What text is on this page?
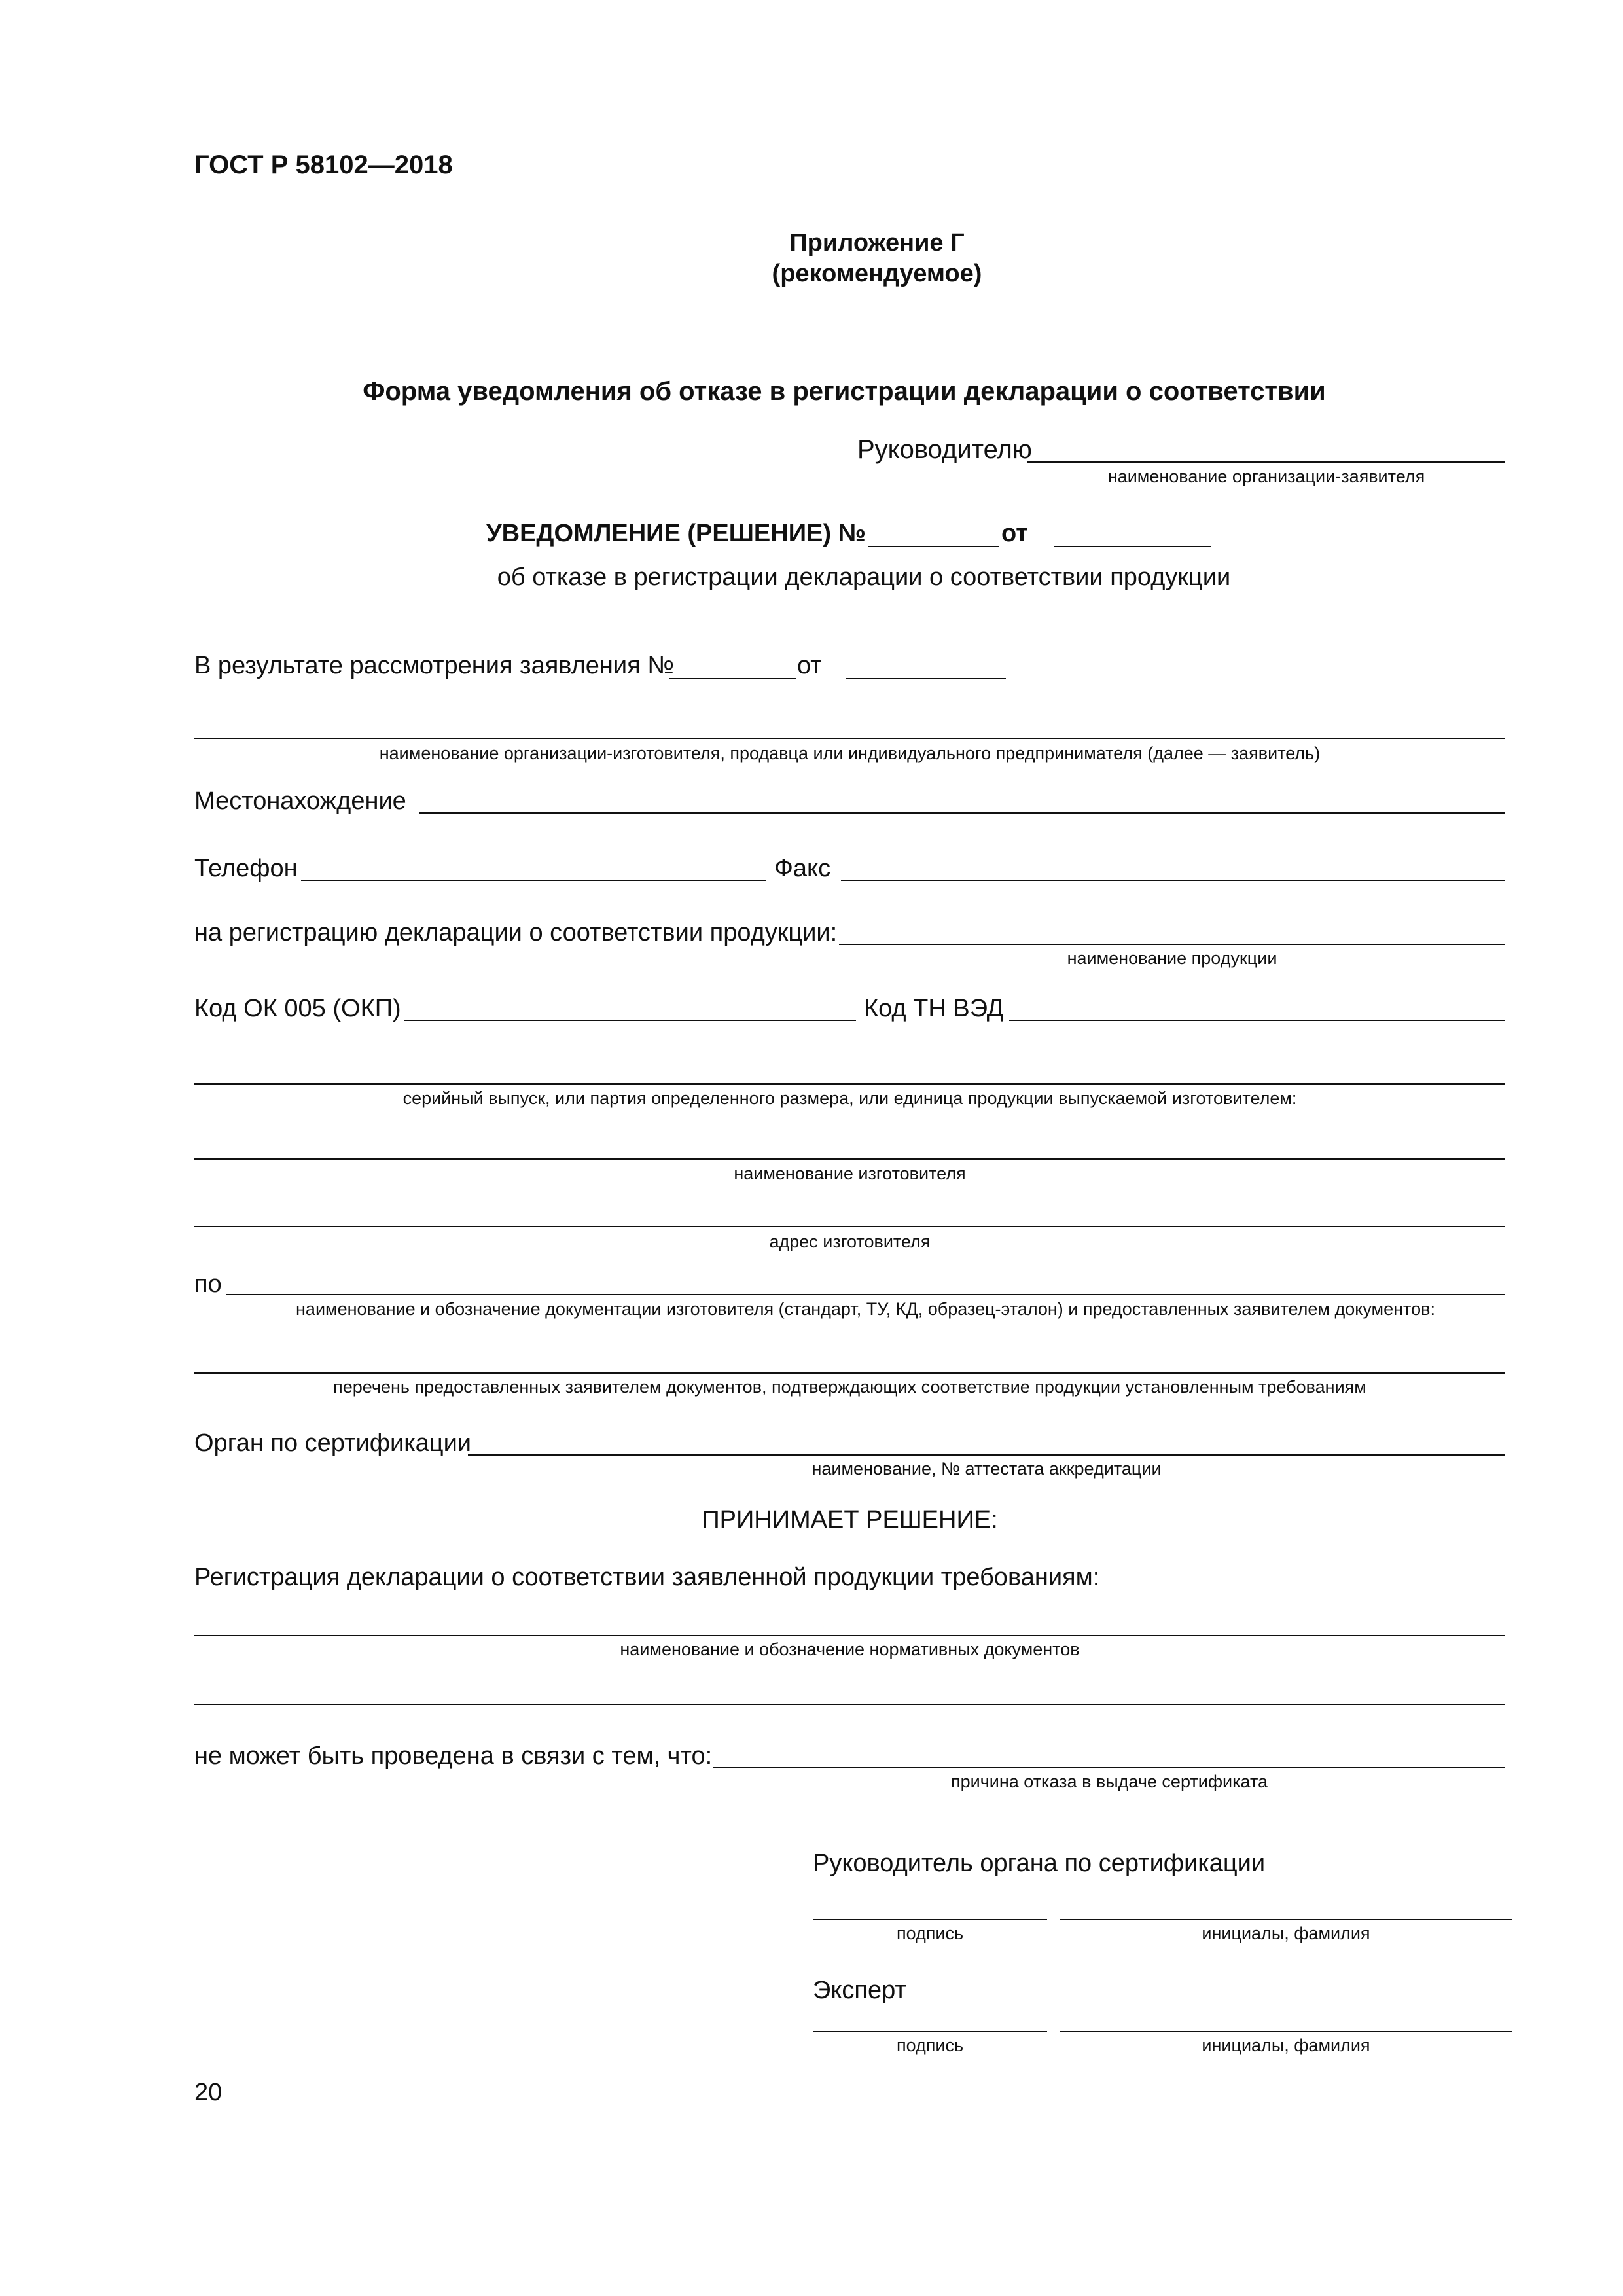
ГОСТ Р 58102—2018
Приложение Г
(рекомендуемое)
Форма уведомления об отказе в регистрации декларации о соответствии
Руководителю
наименование организации-заявителя
УВЕДОМЛЕНИЕ (РЕШЕНИЕ) №	от
об отказе в регистрации декларации о соответствии продукции
В результате рассмотрения заявления №	от
наименование организации-изготовителя, продавца или индивидуального предпринимателя (далее — заявитель)
Местонахождение
Телефон	Факс
на регистрацию декларации о соответствии продукции:
наименование продукции
Код ОК 005 (ОКП)	Код ТН ВЭД
серийный выпуск, или партия определенного размера, или единица продукции выпускаемой изготовителем:
наименование изготовителя
адрес изготовителя
по
наименование и обозначение документации изготовителя (стандарт, ТУ, КД, образец-эталон) и предоставленных заявителем документов:
перечень предоставленных заявителем документов, подтверждающих соответствие продукции установленным требованиям
Орган по сертификации
наименование, № аттестата аккредитации
ПРИНИМАЕТ РЕШЕНИЕ:
Регистрация декларации о соответствии заявленной продукции требованиям:
наименование и обозначение нормативных документов
не может быть проведена в связи с тем, что:
причина отказа в выдаче сертификата
Руководитель органа по сертификации
подпись	инициалы, фамилия
Эксперт
подпись	инициалы, фамилия
20
